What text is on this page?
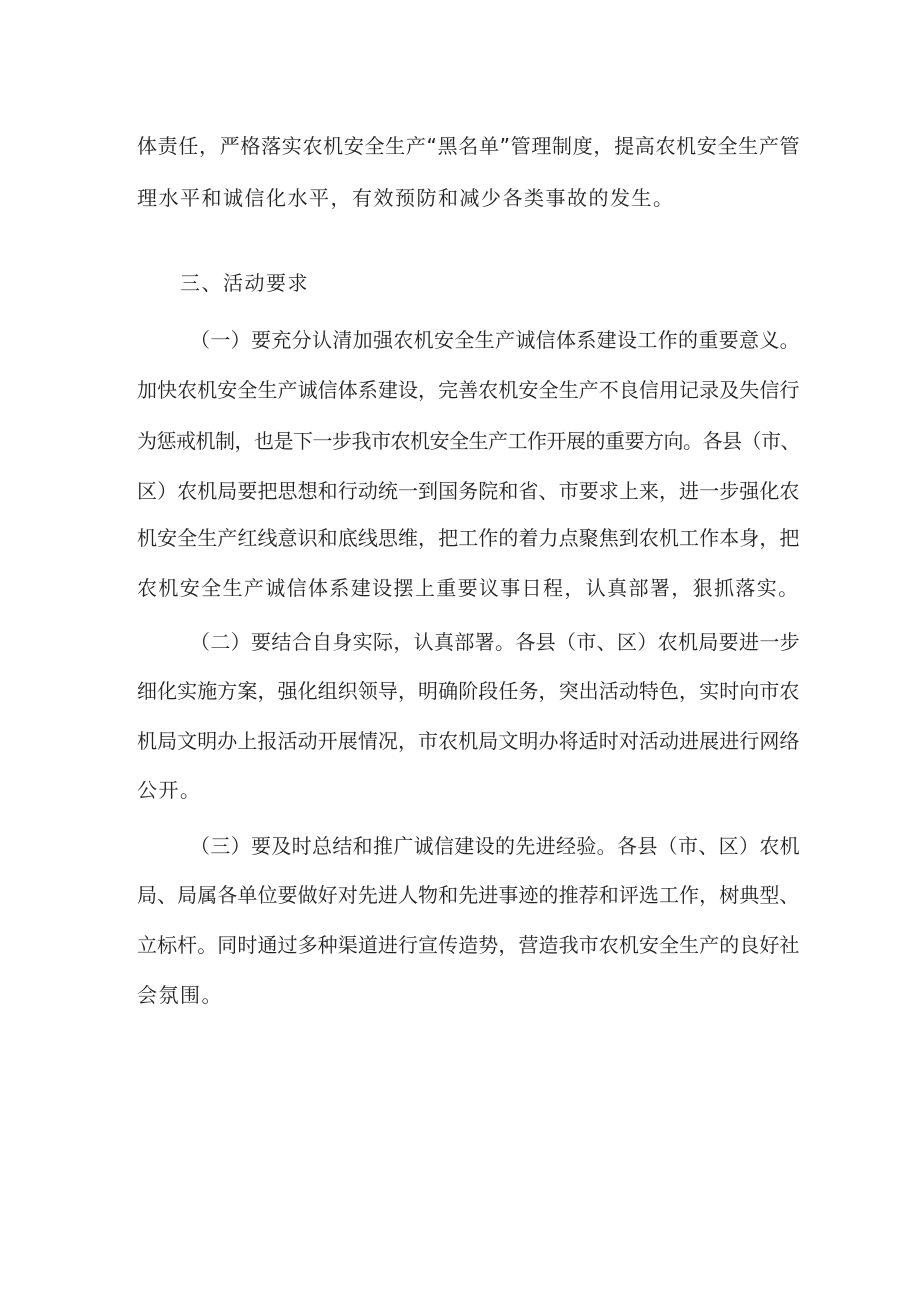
体责任，严格落实农机安全生产“黑名单”管理制度，提高农机安全生产管
理水平和诚信化水平，有效预防和减少各类事故的发生。
三、活动要求
（一）要充分认清加强农机安全生产诚信体系建设工作的重要意义。
加快农机安全生产诚信体系建设，完善农机安全生产不良信用记录及失信行
为惩戒机制，也是下一步我市农机安全生产工作开展的重要方向。各县（市、
区）农机局要把思想和行动统一到国务院和省、市要求上来，进一步强化农
机安全生产红线意识和底线思维，把工作的着力点聚焦到农机工作本身，把
农机安全生产诚信体系建设摆上重要议事日程，认真部署，狠抓落实。
（二）要结合自身实际，认真部署。各县（市、区）农机局要进一步
细化实施方案，强化组织领导，明确阶段任务，突出活动特色，实时向市农
机局文明办上报活动开展情况，市农机局文明办将适时对活动进展进行网络
公开。
（三）要及时总结和推广诚信建设的先进经验。各县（市、区）农机
局、局属各单位要做好对先进人物和先进事迹的推荐和评选工作，树典型、
立标杆。同时通过多种渠道进行宣传造势，营造我市农机安全生产的良好社
会氛围。
